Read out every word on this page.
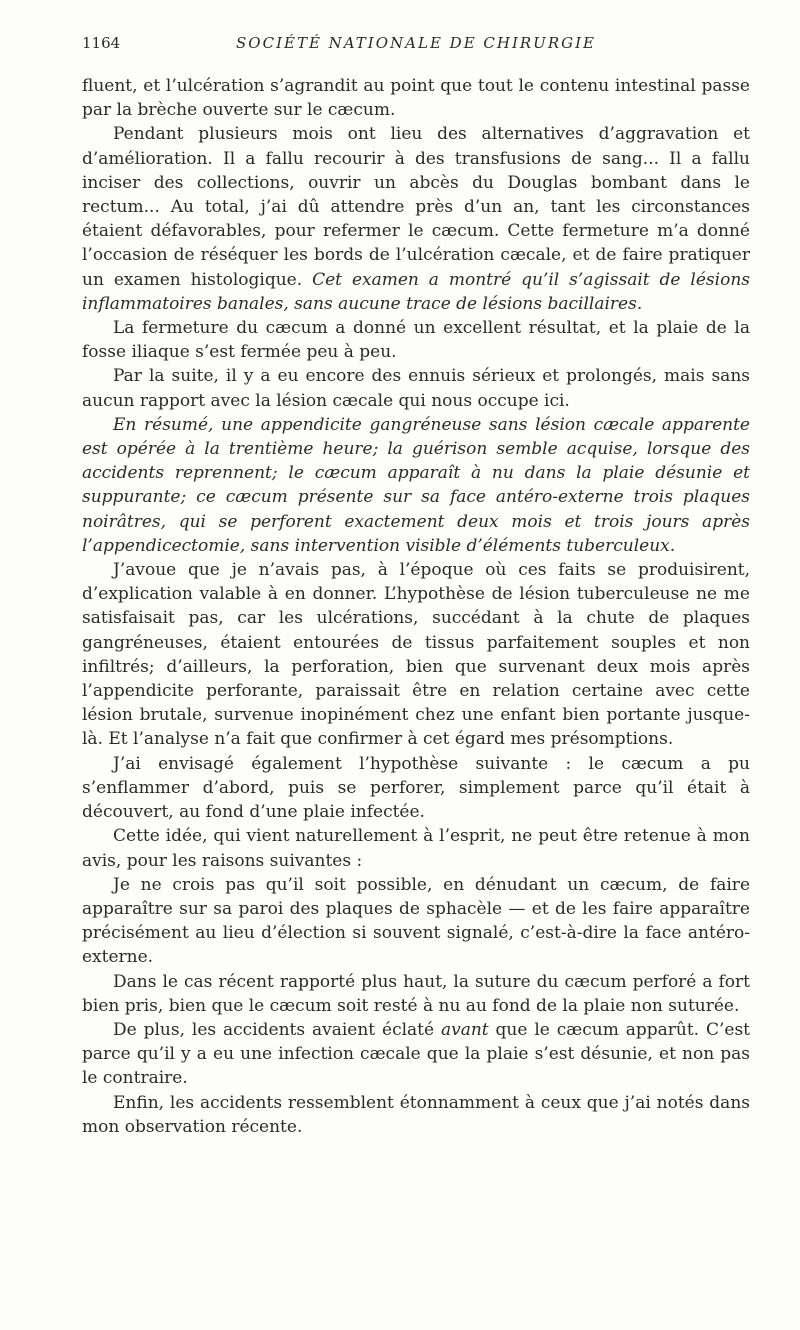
1164	SOCIÉTÉ NATIONALE DE CHIRURGIE

fluent, et l’ulcération s’agrandit au point que tout le contenu intestinal passe par la brèche ouverte sur le cæcum.

Pendant plusieurs mois ont lieu des alternatives d’aggravation et d’amélioration. Il a fallu recourir à des transfusions de sang... Il a fallu inciser des collections, ouvrir un abcès du Douglas bombant dans le rectum... Au total, j’ai dû attendre près d’un an, tant les circonstances étaient défavorables, pour refermer le cæcum. Cette fermeture m’a donné l’occasion de réséquer les bords de l’ulcération cæcale, et de faire pratiquer un examen histologique. Cet examen a montré qu’il s’agissait de lésions inflammatoires banales, sans aucune trace de lésions bacillaires.

La fermeture du cæcum a donné un excellent résultat, et la plaie de la fosse iliaque s’est fermée peu à peu.

Par la suite, il y a eu encore des ennuis sérieux et prolongés, mais sans aucun rapport avec la lésion cæcale qui nous occupe ici.

En résumé, une appendicite gangréneuse sans lésion cæcale apparente est opérée à la trentième heure; la guérison semble acquise, lorsque des accidents reprennent; le cæcum apparaît à nu dans la plaie désunie et suppurante; ce cæcum présente sur sa face antéro-externe trois plaques noirâtres, qui se perforent exactement deux mois et trois jours après l’appendicectomie, sans intervention visible d’éléments tuberculeux.

J’avoue que je n’avais pas, à l’époque où ces faits se produisirent, d’explication valable à en donner. L’hypothèse de lésion tuberculeuse ne me satisfaisait pas, car les ulcérations, succédant à la chute de plaques gangréneuses, étaient entourées de tissus parfaitement souples et non infiltrés; d’ailleurs, la perforation, bien que survenant deux mois après l’appendicite perforante, paraissait être en relation certaine avec cette lésion brutale, survenue inopinément chez une enfant bien portante jusque-là. Et l’analyse n’a fait que confirmer à cet égard mes présomptions.

J’ai envisagé également l’hypothèse suivante : le cæcum a pu s’enflammer d’abord, puis se perforer, simplement parce qu’il était à découvert, au fond d’une plaie infectée.

Cette idée, qui vient naturellement à l’esprit, ne peut être retenue à mon avis, pour les raisons suivantes :

Je ne crois pas qu’il soit possible, en dénudant un cæcum, de faire apparaître sur sa paroi des plaques de sphacèle — et de les faire apparaître précisément au lieu d’élection si souvent signalé, c’est-à-dire la face antéro-externe.

Dans le cas récent rapporté plus haut, la suture du cæcum perforé a fort bien pris, bien que le cæcum soit resté à nu au fond de la plaie non suturée.

De plus, les accidents avaient éclaté avant que le cæcum apparût. C’est parce qu’il y a eu une infection cæcale que la plaie s’est désunie, et non pas le contraire.

Enfin, les accidents ressemblent étonnamment à ceux que j’ai notés dans mon observation récente.
